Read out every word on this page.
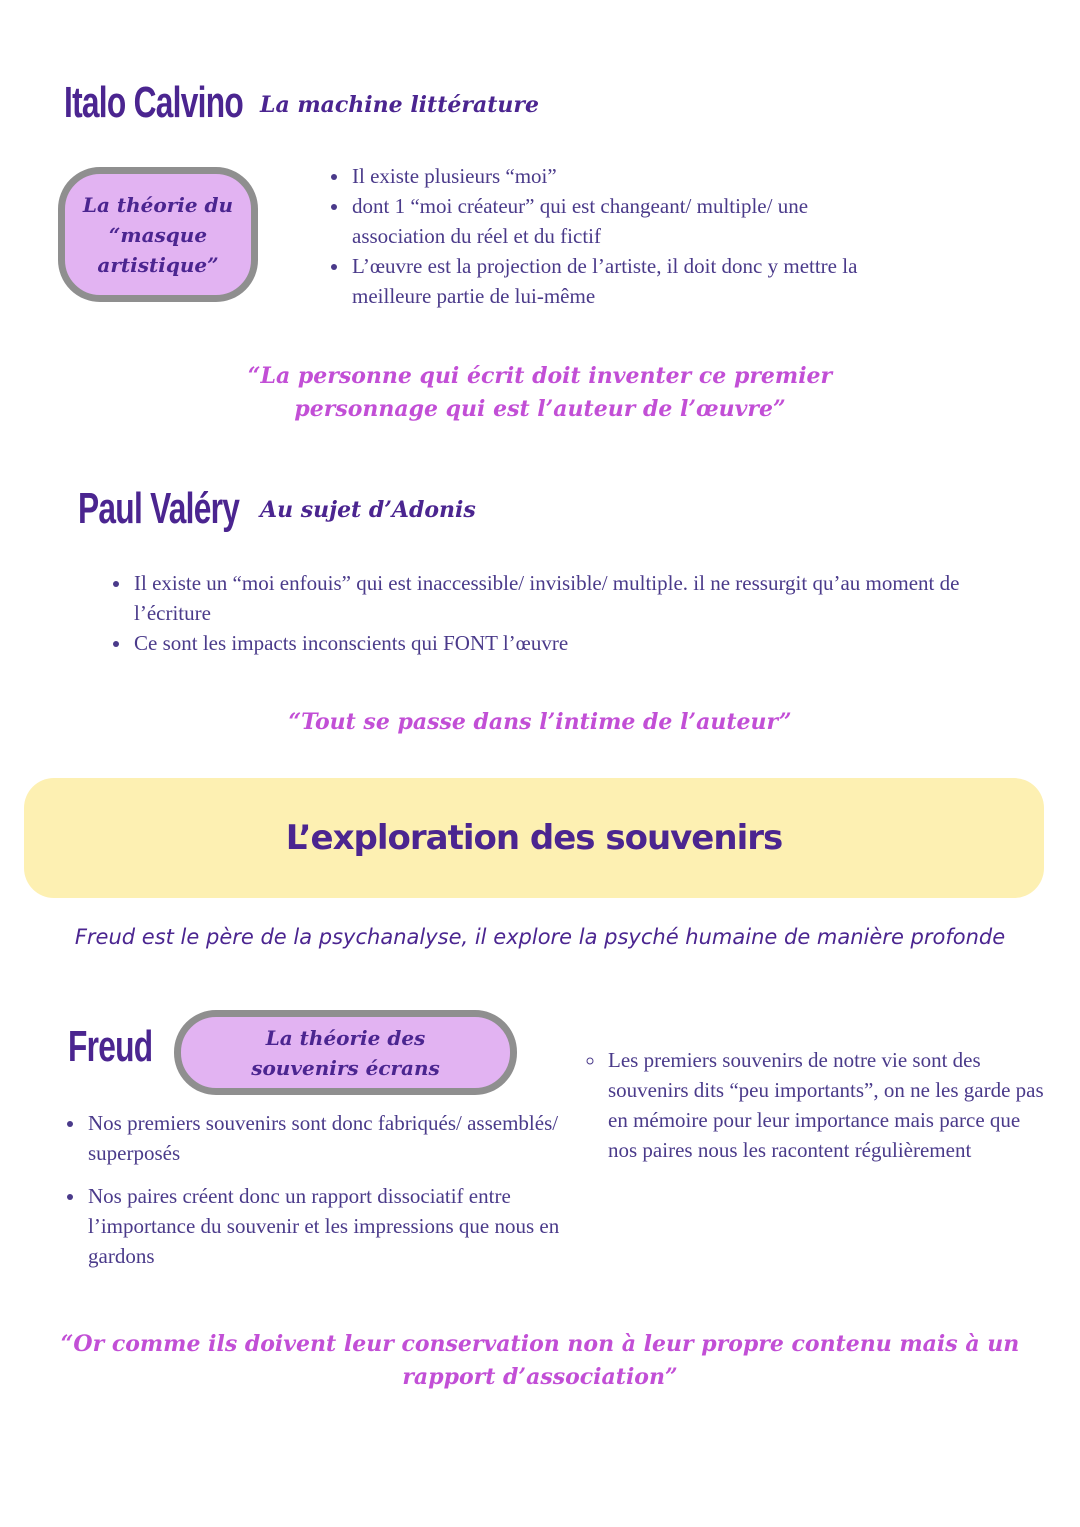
Italo Calvino La machine littérature
La théorie du
“masque
artistique”
• Il existe plusieurs “moi”
• dont 1 “moi créateur” qui est changeant/ multiple/ une association du réel et du fictif
• L’œuvre est la projection de l’artiste, il doit donc y mettre la meilleure partie de lui-même
“La personne qui écrit doit inventer ce premier
personnage qui est l’auteur de l’œuvre”
Paul Valéry Au sujet d’Adonis
• Il existe un “moi enfouis” qui est inaccessible/ invisible/ multiple. il ne ressurgit qu’au moment de l’écriture
• Ce sont les impacts inconscients qui FONT l’œuvre
“Tout se passe dans l’intime de l’auteur”
L’exploration des souvenirs
Freud est le père de la psychanalyse, il explore la psyché humaine de manière profonde
Freud	La théorie des
souvenirs écrans
• Nos premiers souvenirs sont donc fabriqués/ assemblés/ superposés
• Nos paires créent donc un rapport dissociatif entre l’importance du souvenir et les impressions que nous en gardons
◦ Les premiers souvenirs de notre vie sont des souvenirs dits “peu importants”, on ne les garde pas en mémoire pour leur importance mais parce que nos paires nous les racontent régulièrement
“Or comme ils doivent leur conservation non à leur propre contenu mais à un
rapport d’association”
